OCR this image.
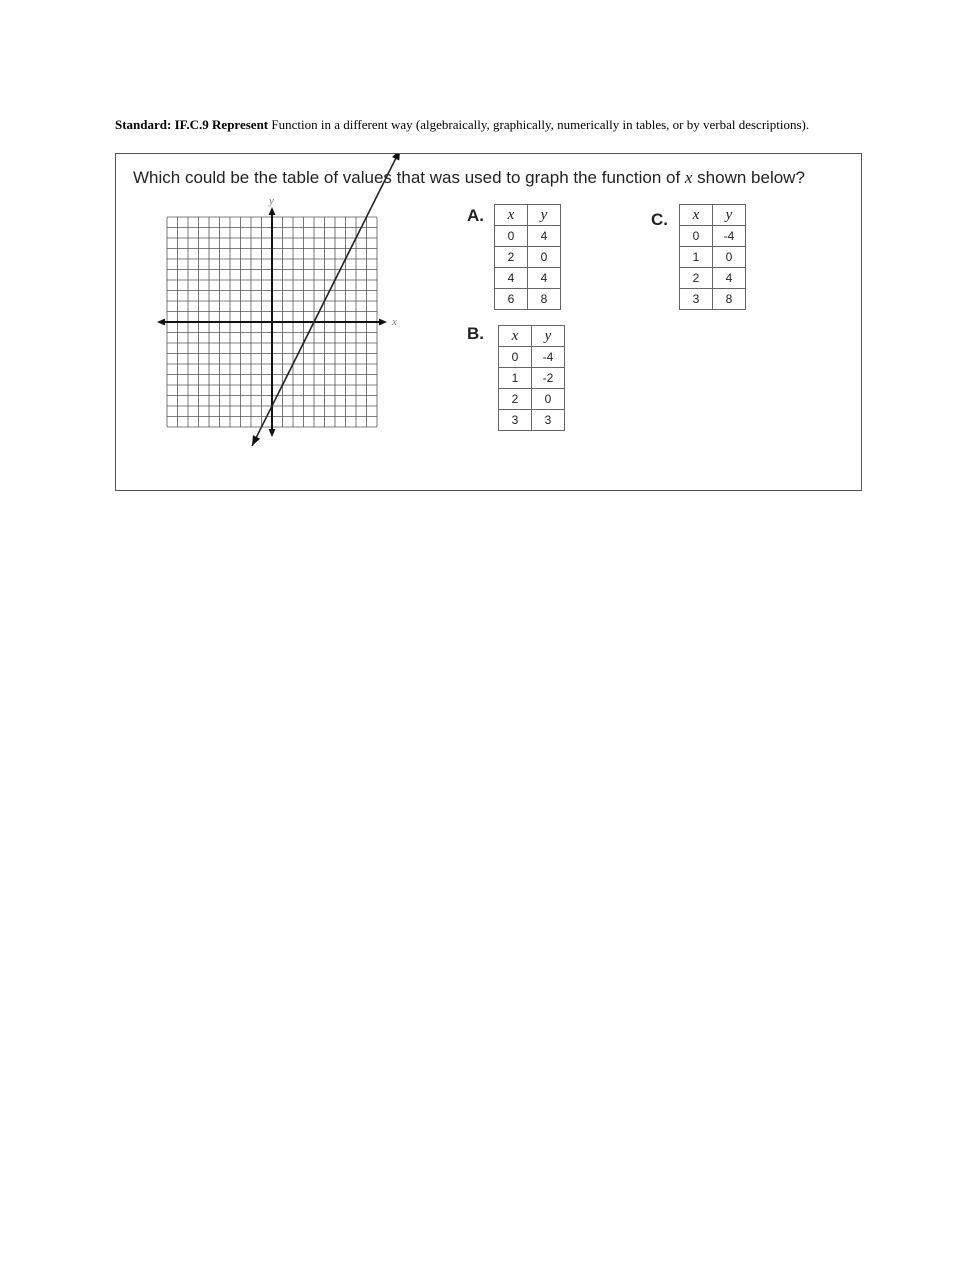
Standard: IF.C.9 Represent Function in a different way (algebraically, graphically, numerically in tables, or by verbal descriptions).
Which could be the table of values that was used to graph the function of x shown below?
x
y
A. x	y
0	4
2	0
4	4
6	8
B. x	y
0	-4
1	-2
2	0
3	3
C. x	y
0	-4
1	0
2	4
3	8
